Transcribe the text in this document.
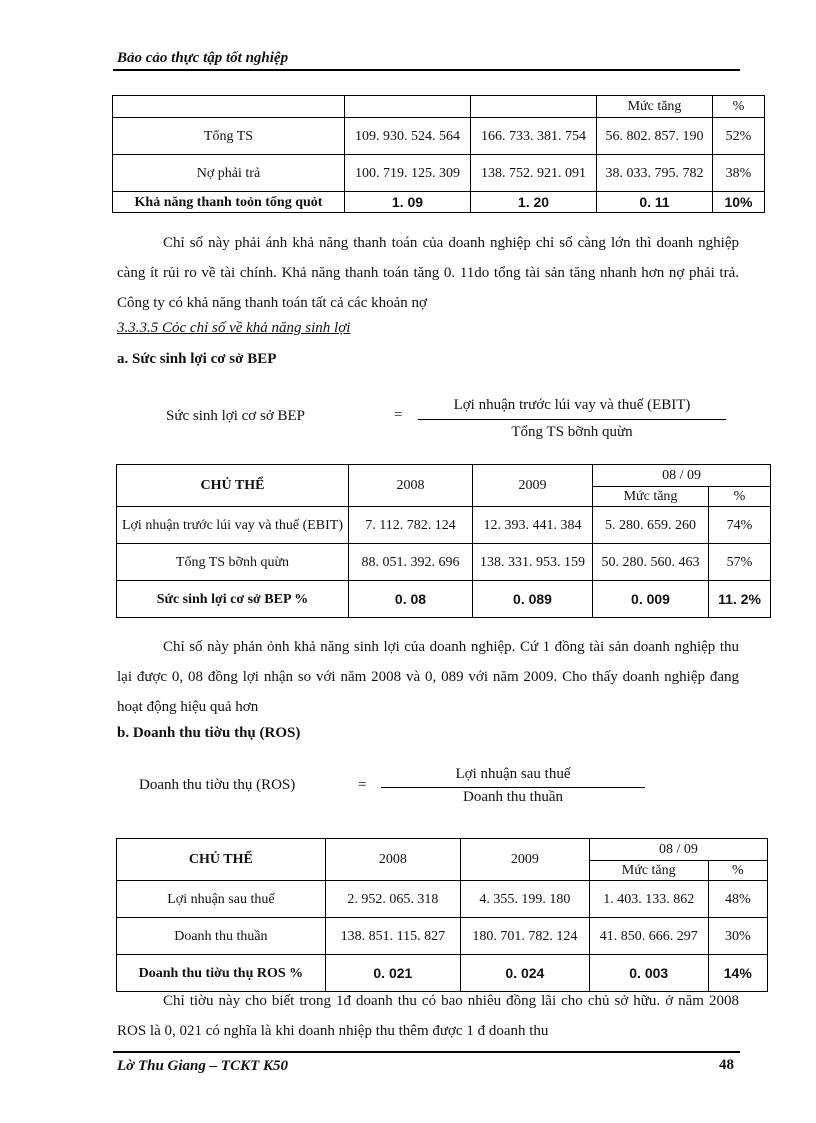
Bảo cảo thực tập tốt nghiệp
			Mức tăng	%
Tổng TS	109. 930. 524. 564	166. 733. 381. 754	56. 802. 857. 190	52%
Nợ phải trả	100. 719. 125. 309	138. 752. 921. 091	38. 033. 795. 782	38%
Khả năng thanh toỏn tổng quỏt	1. 09	1. 20	0. 11	10%
Chỉ số này phải ánh khả năng thanh toán của doanh nghiệp chỉ số càng lớn thì doanh nghiệp càng ít rủi ro về tài chính. Khả năng thanh toán tăng 0. 11do tổng tài sản tăng nhanh hơn nợ phải trả. Công ty có khả năng thanh toán tất cả các khoản nợ
3.3.3.5 Cỏc chỉ số về khả năng sinh lợi
a. Sức sinh lợi cơ sở BEP
Sức sinh lợi cơ sở BEP	=
Lợi nhuận trước lúi vay và thuế (EBIT)
Tổng TS bỡnh quừn
CHỦ THỂ	2008	2009	08 / 09	
			Mức tăng	%
Lợi nhuận trước lúi vay và thuế (EBIT)	7. 112. 782. 124	12. 393. 441. 384	5. 280. 659. 260	74%
Tổng TS bỡnh quừn	88. 051. 392. 696	138. 331. 953. 159	50. 280. 560. 463	57%
Sức sinh lợi cơ sở BEP %	0. 08	0. 089	0. 009	11. 2%
Chỉ số này phản ỏnh khả năng sinh lợi của doanh nghiệp. Cứ 1 đồng tài sản doanh nghiệp thu lại được 0, 08 đồng lợi nhận so với năm 2008 và 0, 089 với năm 2009. Cho thấy doanh nghiệp đang hoạt động hiệu quả hơn
b. Doanh thu tiờu thụ (ROS)
Doanh thu tiờu thụ (ROS)	=
Lợi nhuận sau thuế
Doanh thu thuần
CHỦ THỂ	2008	2009	08 / 09	
			Mức tăng	%
Lợi nhuận sau thuế	2. 952. 065. 318	4. 355. 199. 180	1. 403. 133. 862	48%
Doanh thu thuần	138. 851. 115. 827	180. 701. 782. 124	41. 850. 666. 297	30%
Doanh thu tiờu thụ ROS %	0. 021	0. 024	0. 003	14%
Chỉ tiờu này cho biết trong 1đ doanh thu có bao nhiêu đồng lãi cho chủ sở hữu. ở năm 2008 ROS là 0, 021 có nghĩa là khi doanh nhiệp thu thêm được 1 đ doanh thu
Lờ Thu Giang – TCKT K50	48
